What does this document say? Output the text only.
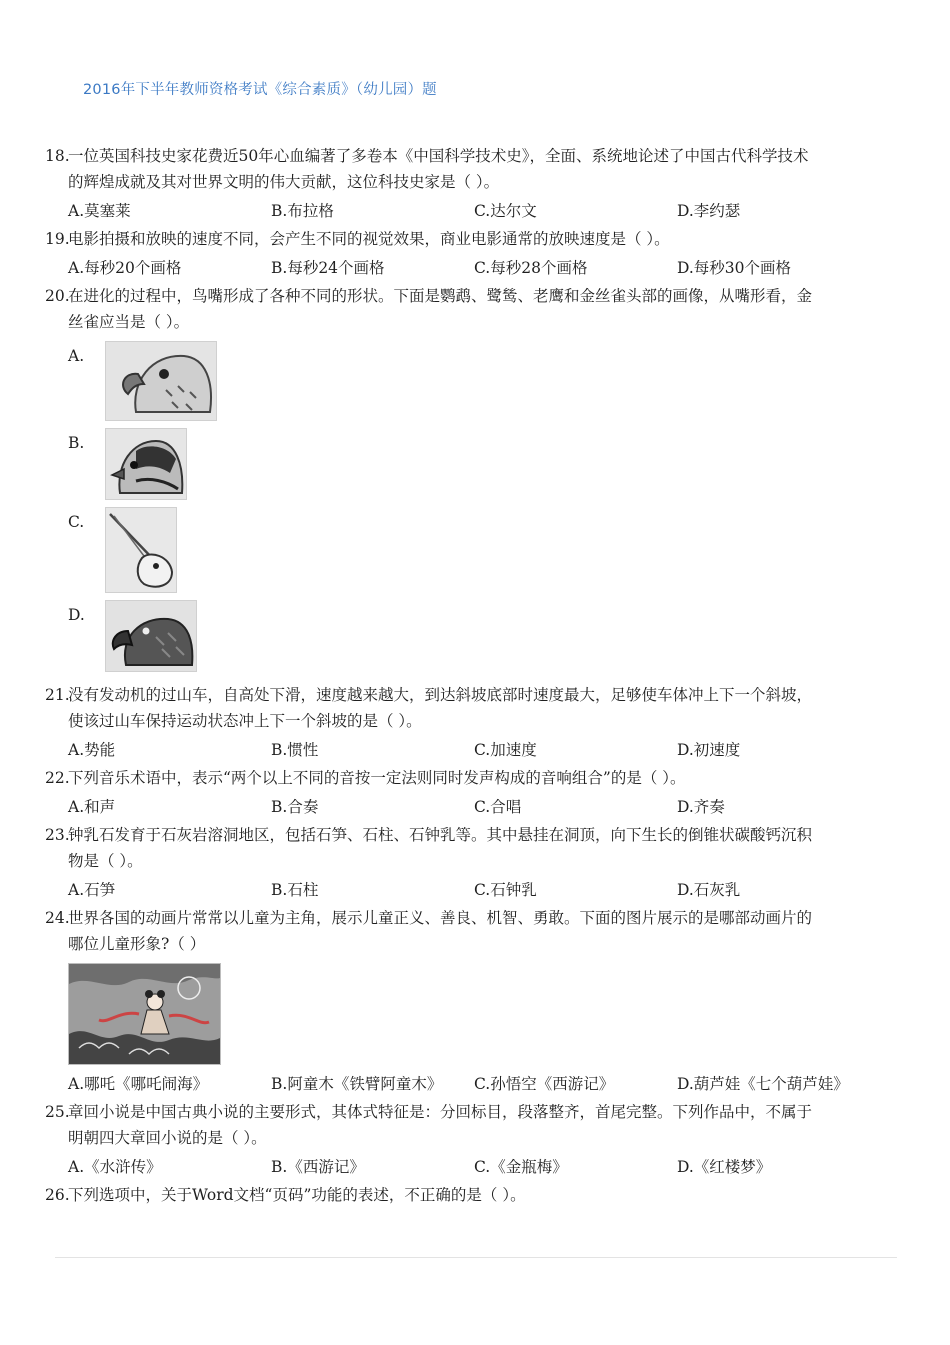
2016年下半年教师资格考试《综合素质》（幼儿园）题
18.一位英国科技史家花费近50年心血编著了多卷本《中国科学技术史》，全面、系统地论述了中国古代科学技术
的辉煌成就及其对世界文明的伟大贡献，这位科技史家是（ ）。
A.莫塞莱	B.布拉格	C.达尔文	D.李约瑟
19.电影拍摄和放映的速度不同，会产生不同的视觉效果，商业电影通常的放映速度是（ ）。
A.每秒20个画格	B.每秒24个画格	C.每秒28个画格	D.每秒30个画格
20.在进化的过程中，鸟嘴形成了各种不同的形状。下面是鹦鹉、鹭鸶、老鹰和金丝雀头部的画像，从嘴形看，金
丝雀应当是（ ）。
A.
B.
C.
D.
21.没有发动机的过山车，自高处下滑，速度越来越大，到达斜坡底部时速度最大，足够使车体冲上下一个斜坡，
使该过山车保持运动状态冲上下一个斜坡的是（ ）。
A.势能	B.惯性	C.加速度	D.初速度
22.下列音乐术语中，表示“两个以上不同的音按一定法则同时发声构成的音响组合”的是（ ）。
A.和声	B.合奏	C.合唱	D.齐奏
23.钟乳石发育于石灰岩溶洞地区，包括石笋、石柱、石钟乳等。其中悬挂在洞顶，向下生长的倒锥状碳酸钙沉积
物是（ ）。
A.石笋	B.石柱	C.石钟乳	D.石灰乳
24.世界各国的动画片常常以儿童为主角，展示儿童正义、善良、机智、勇敢。下面的图片展示的是哪部动画片的
哪位儿童形象?（ ）
A.哪吒《哪吒闹海》	B.阿童木《铁臂阿童木》	C.孙悟空《西游记》	D.葫芦娃《七个葫芦娃》
25.章回小说是中国古典小说的主要形式，其体式特征是：分回标目，段落整齐，首尾完整。下列作品中，不属于
明朝四大章回小说的是（ ）。
A.《水浒传》	B.《西游记》	C.《金瓶梅》	D.《红楼梦》
26.下列选项中，关于Word文档“页码”功能的表述，不正确的是（ ）。
